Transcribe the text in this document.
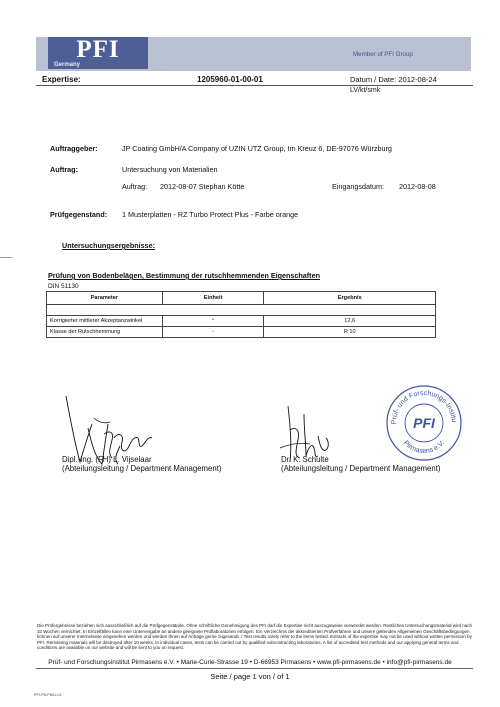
PFI
Germany
Member of PFI Group
Expertise:	1205960-01-00-01	Datum / Date: 2012-08-24
LV/kt/smk
Auftraggeber:	JP Coating GmbH/A Company of UZIN UTZ Group, Im Kreuz 6, DE-97076 Würzburg
Auftrag:	Untersuchung von Materialien
Auftrag: 2012-08-07 Stephan Kötte	Eingangsdatum: 2012-08-08
Prüfgegenstand: 1 Musterplatten - RZ Turbo Protect Plus - Farbe orange
Untersuchungsergebnisse:
Prüfung von Bodenbelägen, Bestimmung der rutschhemmenden Eigenschaften
DIN 51130
Parameter	Einheit	Ergebnis

Korrigierter mittlerer Akzeptanzwinkel	°	12,6
Klasse der Rutschhemmung	-	R 10
Dipl.-Ing. (FH) L. Vijselaar
(Abteilungsleitung / Department Management)
Dr. K. Schulte
(Abteilungsleitung / Department Management)
Prüf- und Forschungs-Institu
Pirmasens e.V.
PFI
Die Prüfergebnisse beziehen sich ausschließlich auf die Prüfgegenstände. Ohne schriftliche Genehmigung des PFI darf die Expertise nicht auszugsweise verwendet werden. Restliches Untersuchungsmaterial wird nach 10 Wochen vernichtet. In Einzelfällen kann eine Untervergabe an andere geeignete Prüflaboratorien erfolgen. Ein Verzeichnis der akkreditierten Prüfverfahren und unsere geltenden Allgemeinen Geschäftsbedingungen können auf unserer Internetseite eingesehen werden und werden Ihnen auf Anfrage gerne zugesandt. / Test results solely refer to the items tested. Extracts of the expertise may not be used without written permission by PFI. Remaining materials will be destroyed after 10 weeks. In individual cases, tests can be carried out by qualified subcontracting laboratories. A list of accredited test methods and our applying general terms and conditions are available on our website and will be sent to you on request.
Prüf- und Forschungsinstitut Pirmasens e.V. • Marie-Curie-Strasse 19 • D-66953 Pirmasens • www.pfi-pirmasens.de • info@pfi-pirmasens.de
Seite / page 1 von / of 1
PFI-FB-P601-01
